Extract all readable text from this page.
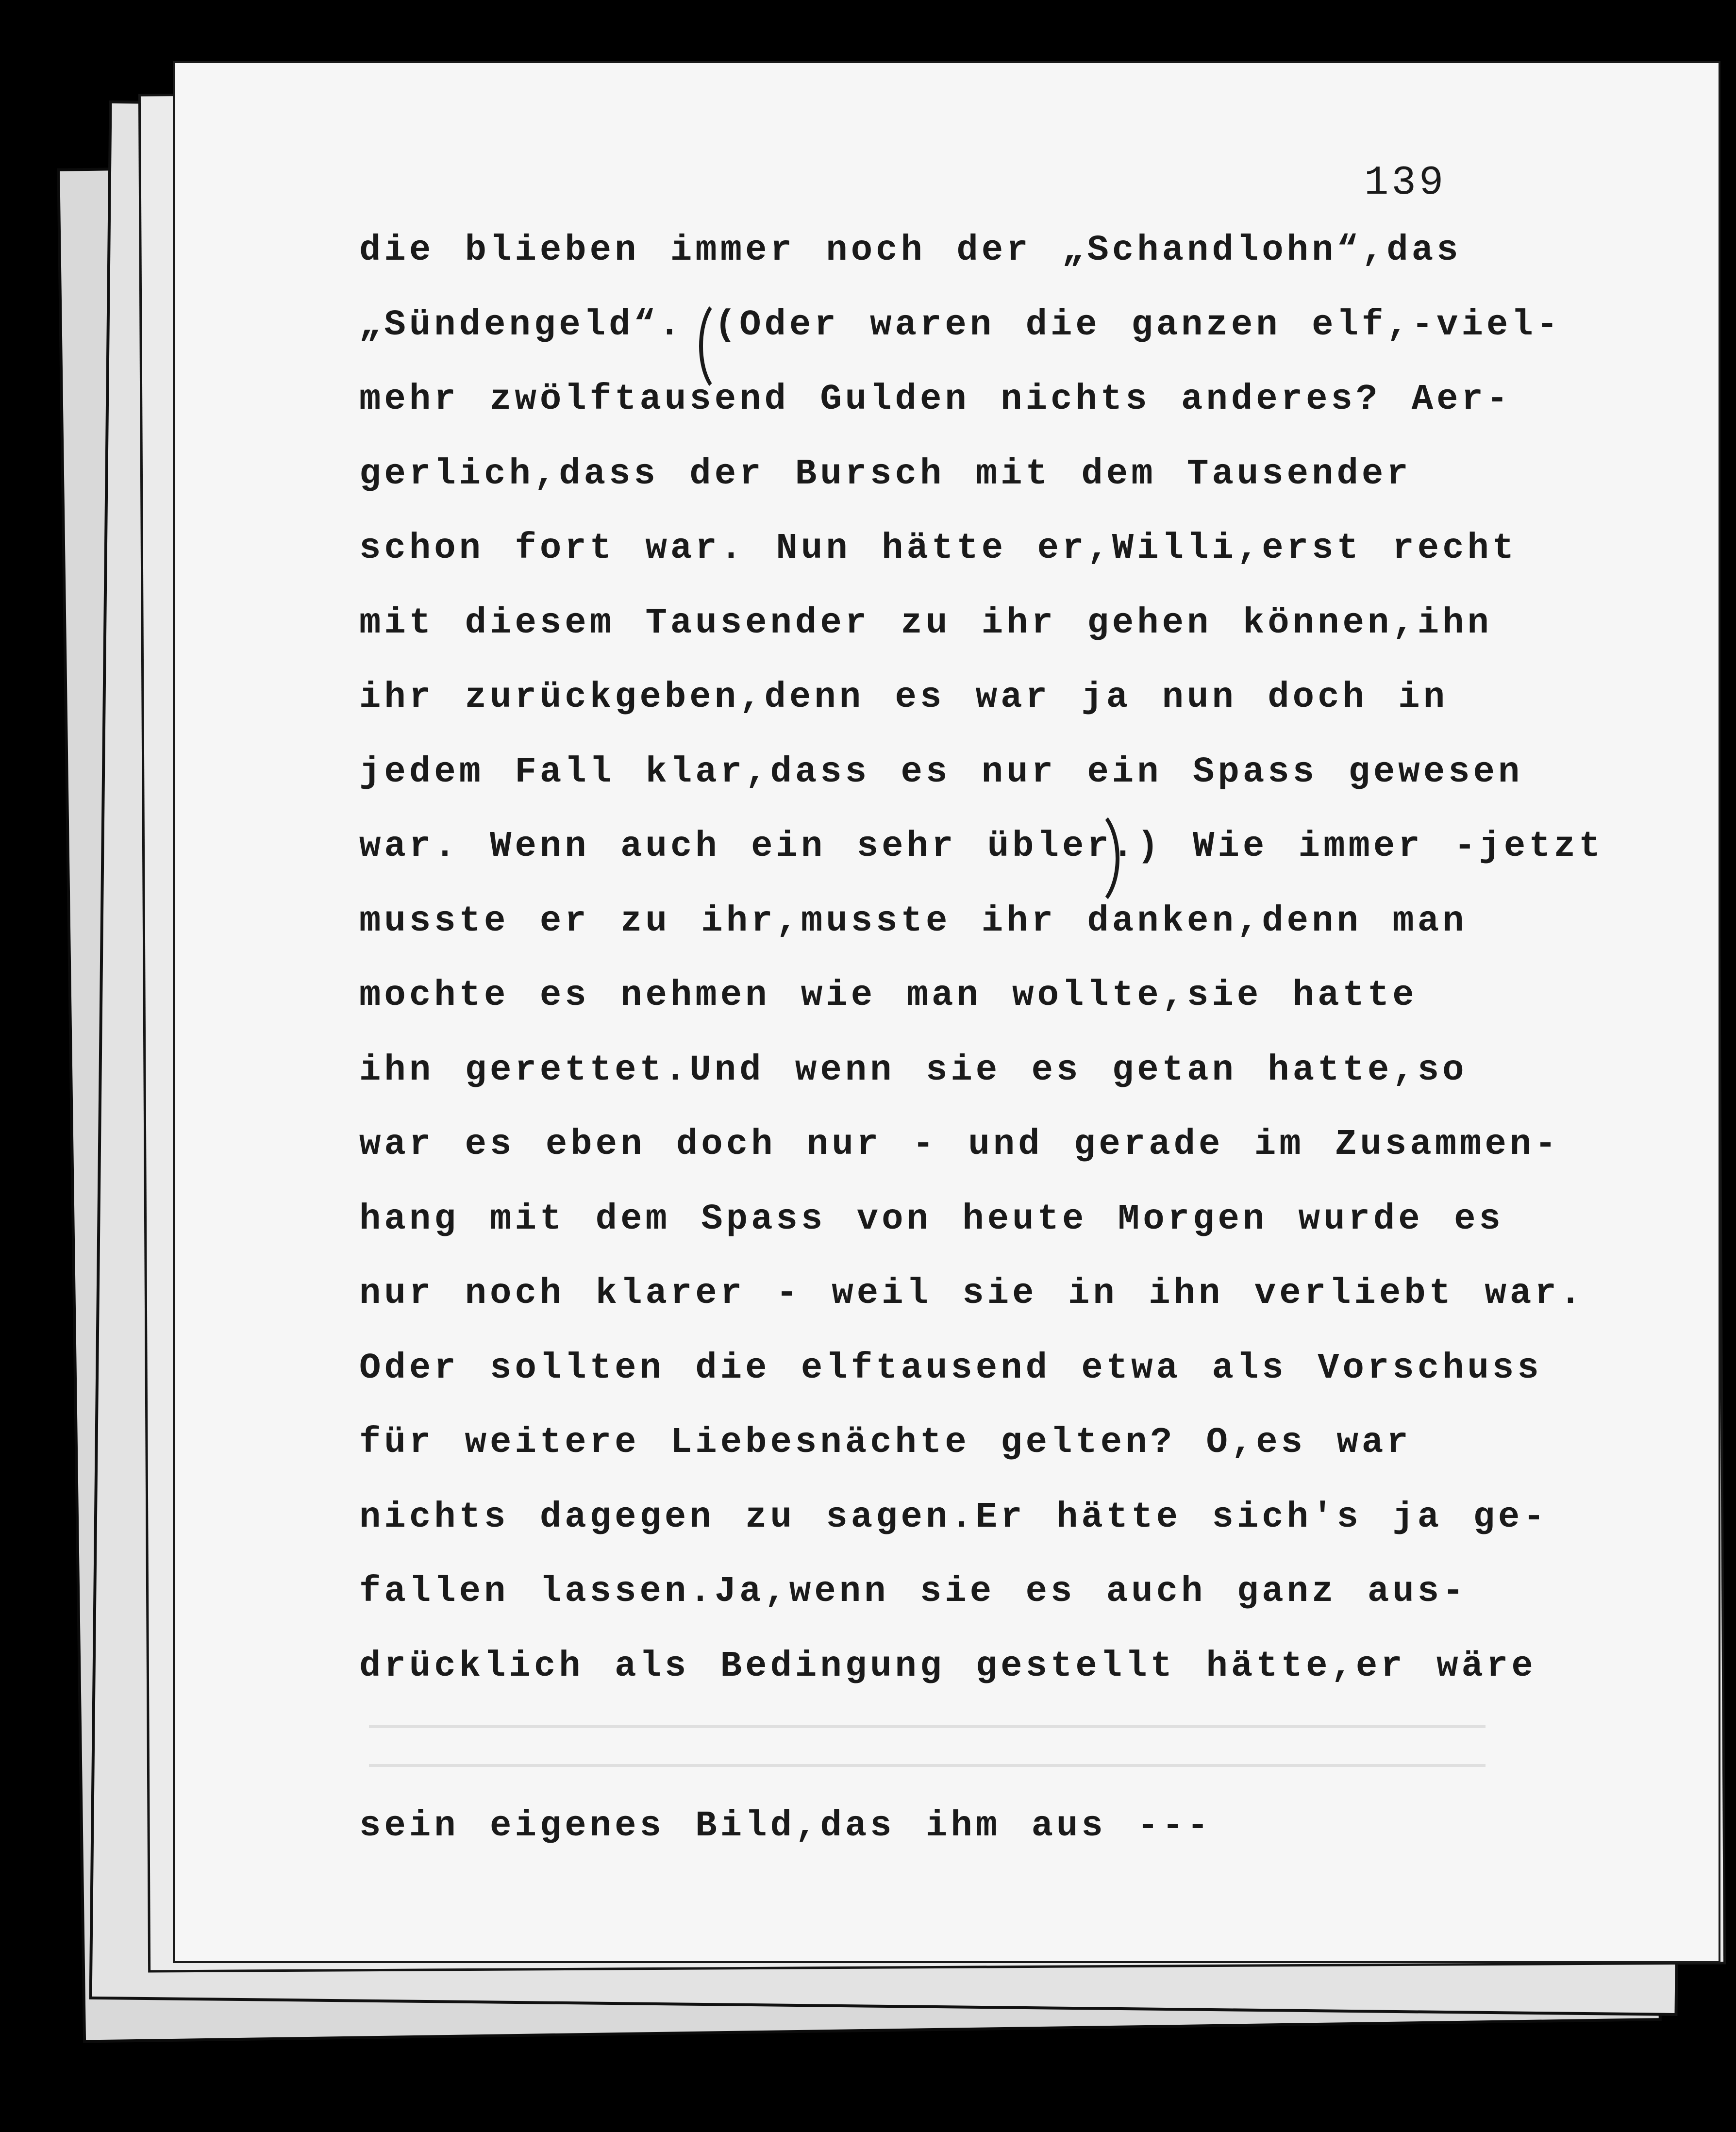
139
die blieben immer noch der „Schandlohn“,das
„Sündengeld“. (Oder waren die ganzen elf,-viel-
mehr zwölftausend Gulden nichts anderes? Aer-
gerlich,dass der Bursch mit dem Tausender
schon fort war. Nun hätte er,Willi,erst recht
mit diesem Tausender zu ihr gehen können,ihn
ihr zurückgeben,denn es war ja nun doch in
jedem Fall klar,dass es nur ein Spass gewesen
war. Wenn auch ein sehr übler.) Wie immer -jetzt
musste er zu ihr,musste ihr danken,denn man
mochte es nehmen wie man wollte,sie hatte
ihn gerettet.Und wenn sie es getan hatte,so
war es eben doch nur - und gerade im Zusammen-
hang mit dem Spass von heute Morgen wurde es
nur noch klarer - weil sie in ihn verliebt war.
Oder sollten die elftausend etwa als Vorschuss
für weitere Liebesnächte gelten? O,es war
nichts dagegen zu sagen.Er hätte sich's ja ge-
fallen lassen.Ja,wenn sie es auch ganz aus-
drücklich als Bedingung gestellt hätte,er wäre
sein eigenes Bild,das ihm aus ---
